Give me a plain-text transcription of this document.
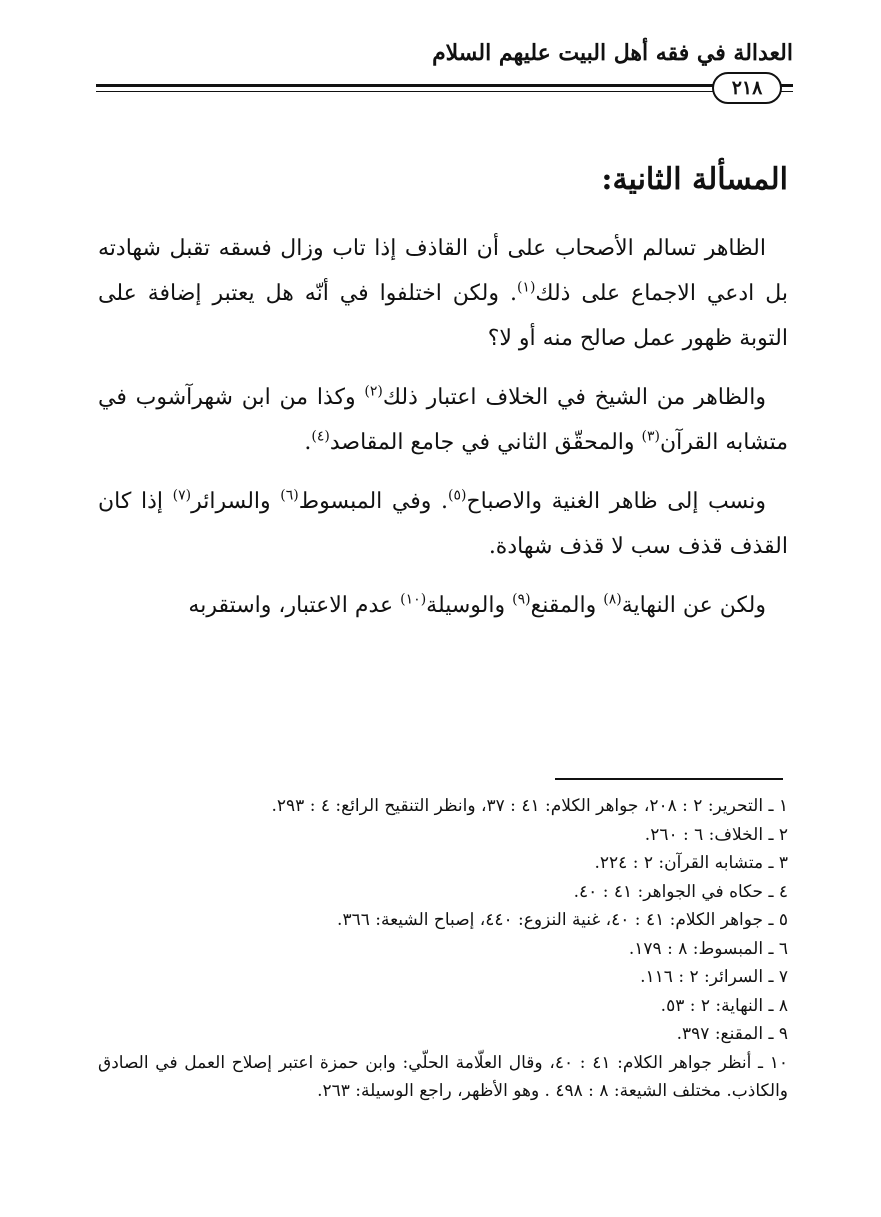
العدالة في فقه أهل البيت عليهم السلام
٢١٨
المسألة الثانية:

الظاهر تسالم الأصحاب على أن القاذف إذا تاب وزال فسقه تقبل شهادته بل ادعي الاجماع على ذلك$^{(١)}$. ولكن اختلفوا في أنّه هل يعتبر إضافة على التوبة ظهور عمل صالح منه أو لا؟

والظاهر من الشيخ في الخلاف اعتبار ذلك$^{(٢)}$ وكذا من ابن شهرآشوب في متشابه القرآن$^{(٣)}$ والمحقّق الثاني في جامع المقاصد$^{(٤)}$.

ونسب إلى ظاهر الغنية والاصباح$^{(٥)}$. وفي المبسوط$^{(٦)}$ والسرائر$^{(٧)}$ إذا كان القذف قذف سب لا قذف شهادة.

ولكن عن النهاية$^{(٨)}$ والمقنع$^{(٩)}$ والوسيلة$^{(١٠)}$ عدم الاعتبار، واستقربه

١ ـ التحرير: ٢ : ٢٠٨، جواهر الكلام: ٤١ : ٣٧، وانظر التنقيح الرائع: ٤ : ٢٩٣.

٢ ـ الخلاف: ٦ : ٢٦٠.

٣ ـ متشابه القرآن: ٢ : ٢٢٤.

٤ ـ حكاه في الجواهر: ٤١ : ٤٠.

٥ ـ جواهر الكلام: ٤١ : ٤٠، غنية النزوع: ٤٤٠، إصباح الشيعة: ٣٦٦.

٦ ـ المبسوط: ٨ : ١٧٩.

٧ ـ السرائر: ٢ : ١١٦.

٨ ـ النهاية: ٢ : ٥٣.

٩ ـ المقنع: ٣٩٧.

١٠ ـ أنظر جواهر الكلام: ٤١ : ٤٠، وقال العلّامة الحلّي: وابن حمزة اعتبر إصلاح العمل في الصادق والكاذب. مختلف الشيعة: ٨ : ٤٩٨ . وهو الأظهر، راجع الوسيلة: ٢٦٣.
